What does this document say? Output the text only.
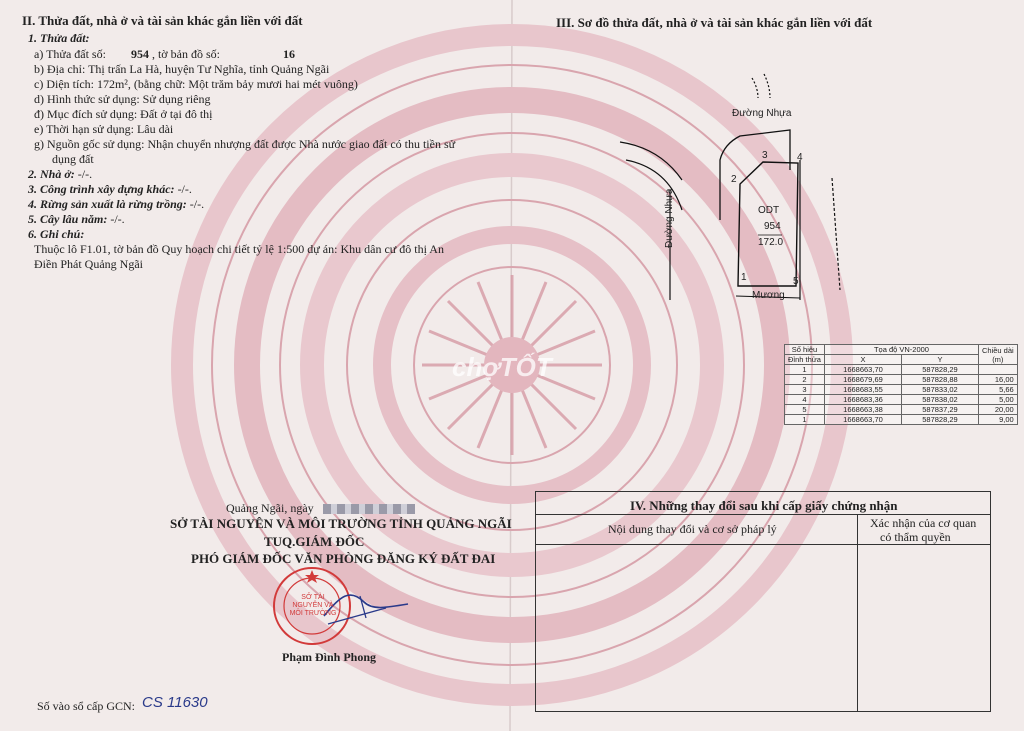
II. Thửa đất, nhà ở và tài sản khác gắn liền với đất
1. Thửa đất:
a) Thửa đất số: 954 , tờ bản đồ số:	16
b) Địa chỉ: Thị trấn La Hà, huyện Tư Nghĩa, tỉnh Quảng Ngãi
c) Diện tích: 172m², (bằng chữ: Một trăm bảy mươi hai mét vuông)
d) Hình thức sử dụng: Sử dụng riêng
đ) Mục đích sử dụng: Đất ở tại đô thị
e) Thời hạn sử dụng: Lâu dài
g) Nguồn gốc sử dụng: Nhận chuyển nhượng đất được Nhà nước giao đất có thu tiền sử
dụng đất
2. Nhà ở: -/-.
3. Công trình xây dựng khác: -/-.
4. Rừng sản xuất là rừng trồng: -/-.
5. Cây lâu năm: -/-.
6. Ghi chú:
Thuộc lô F1.01, tờ bản đồ Quy hoạch chi tiết tỷ lệ 1:500 dự án: Khu dân cư đô thị An
Điền Phát Quảng Ngãi
III. Sơ đồ thửa đất, nhà ở và tài sản khác gắn liền với đất
Đường Nhựa
Đường Nhựa
Mương
ODT
954
172.0
1
2
3	4
5
Số hiệu	Tọa độ VN-2000		Chiều dài
(m)
Đỉnh thửa	X	Y	
1	1668663,70	587828,29	
2	1668679,69	587828,88	16,00
3	1668683,55	587833,02	5,66
4	1668683,36	587838,02	5,00
5	1668663,38	587837,29	20,00
1	1668663,70	587828,29	9,00
chợTỐT
Quảng Ngãi, ngày
SỞ TÀI NGUYÊN VÀ MÔI TRƯỜNG TỈNH QUẢNG NGÃI
TUQ.GIÁM ĐỐC
PHÓ GIÁM ĐỐC VĂN PHÒNG ĐĂNG KÝ ĐẤT ĐAI
SỞ TÀI NGUYÊN VÀ MÔI TRƯỜNG
Phạm Đình Phong
Số vào sổ cấp GCN: CS 11630
IV. Những thay đổi sau khi cấp giấy chứng nhận
Nội dung thay đổi và cơ sở pháp lý	Xác nhận của cơ quan
có thẩm quyền
